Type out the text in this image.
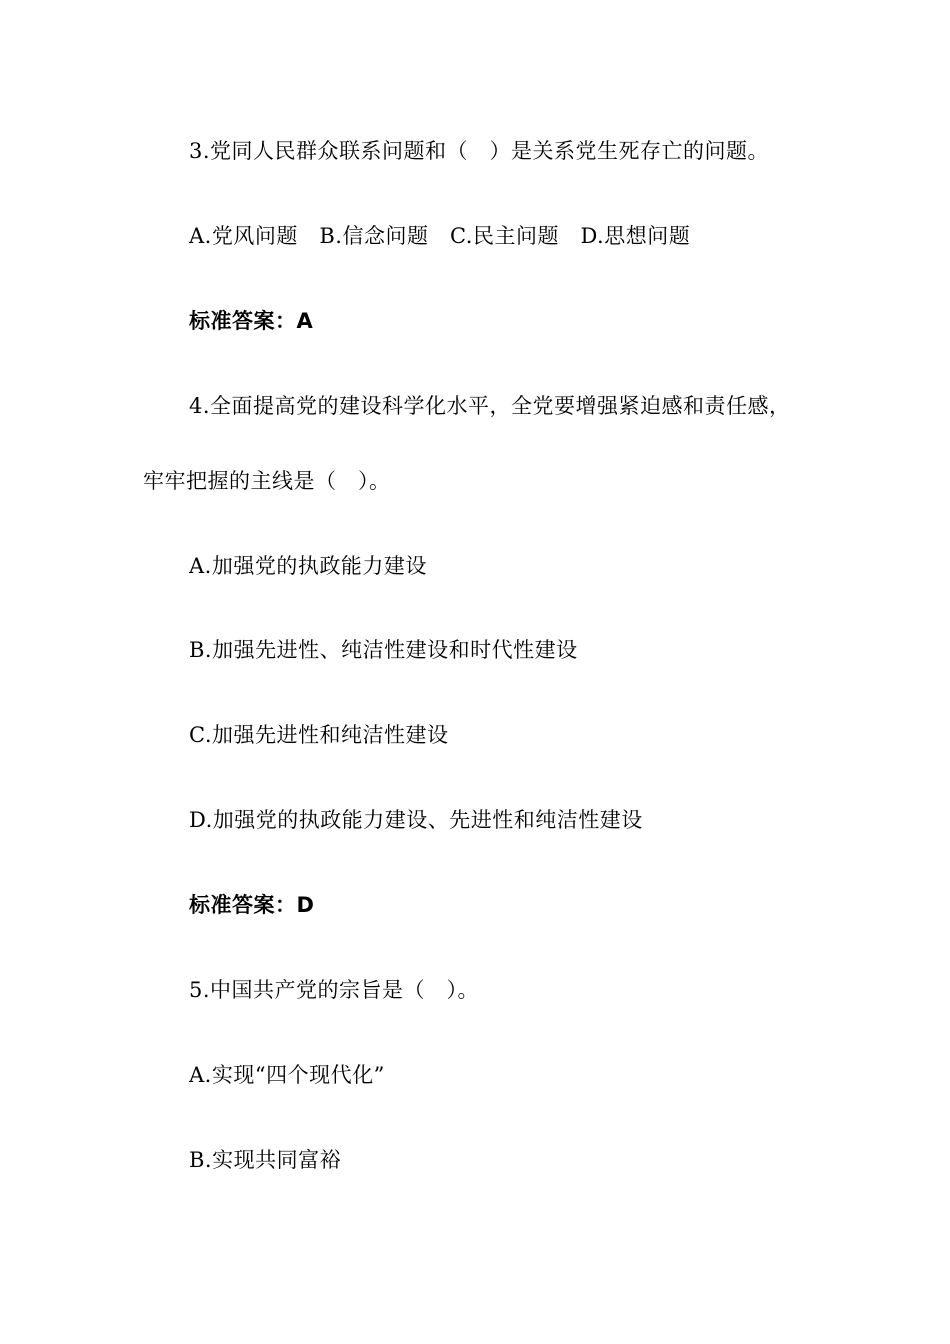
3.党同人民群众联系问题和（　）是关系党生死存亡的问题。
A.党风问题　B.信念问题　C.民主问题　D.思想问题
标准答案：A
4.全面提高党的建设科学化水平，全党要增强紧迫感和责任感，
牢牢把握的主线是（　）。
A.加强党的执政能力建设
B.加强先进性、纯洁性建设和时代性建设
C.加强先进性和纯洁性建设
D.加强党的执政能力建设、先进性和纯洁性建设
标准答案：D
5.中国共产党的宗旨是（　）。
A.实现“四个现代化”
B.实现共同富裕
